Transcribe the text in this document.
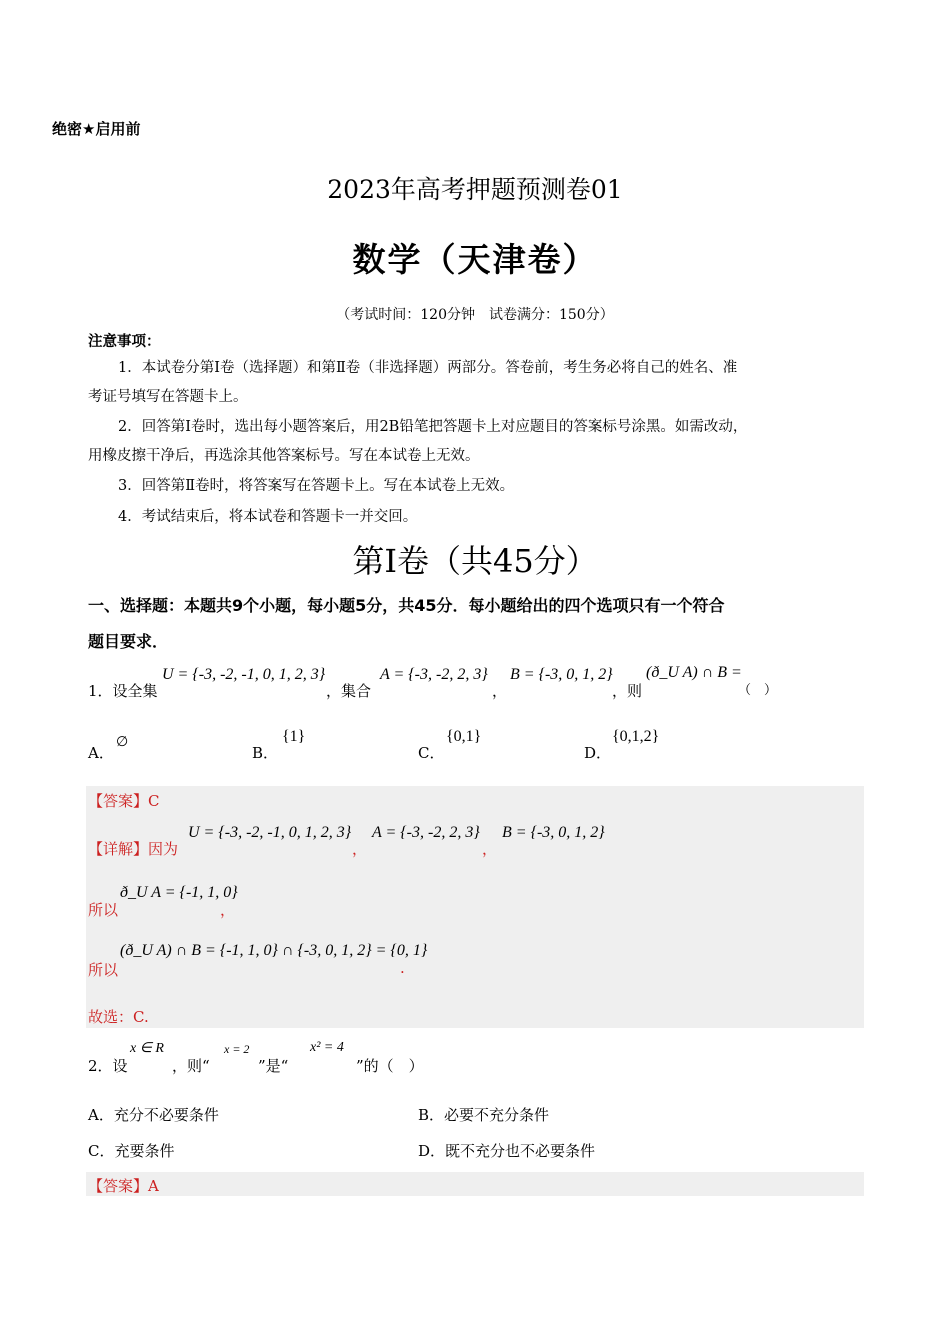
绝密★启用前
2023年高考押题预测卷01
数学（天津卷）
（考试时间：120分钟　试卷满分：150分）
注意事项：
1．本试卷分第Ⅰ卷（选择题）和第Ⅱ卷（非选择题）两部分。答卷前，考生务必将自己的姓名、准
考证号填写在答题卡上。
2．回答第Ⅰ卷时，选出每小题答案后，用2B铅笔把答题卡上对应题目的答案标号涂黑。如需改动，
用橡皮擦干净后，再选涂其他答案标号。写在本试卷上无效。
3．回答第Ⅱ卷时，将答案写在答题卡上。写在本试卷上无效。
4．考试结束后，将本试卷和答题卡一并交回。
第Ⅰ卷（共45分）
一、选择题：本题共9个小题，每小题5分，共45分．每小题给出的四个选项只有一个符合
题目要求．
1．设全集
U = {-3, -2, -1, 0, 1, 2, 3}
，集合
A = {-3, -2, 2, 3}
，
B = {-3, 0, 1, 2}
，则
(ð_U A) ∩ B =
（　）
A．
∅
B．
{1}
C．
{0,1}
D．
{0,1,2}
【答案】C
【详解】因为
U = {-3, -2, -1, 0, 1, 2, 3}
，
A = {-3, -2, 2, 3}
，
B = {-3, 0, 1, 2}
所以
ð_U A = {-1, 1, 0}
，
所以
(ð_U A) ∩ B = {-1, 1, 0} ∩ {-3, 0, 1, 2} = {0, 1}
.
故选：C.
2．设
x ∈ R
，则“
x = 2
”是“
x² = 4
”的（　）
A．充分不必要条件	B．必要不充分条件
C．充要条件	D．既不充分也不必要条件
【答案】A
